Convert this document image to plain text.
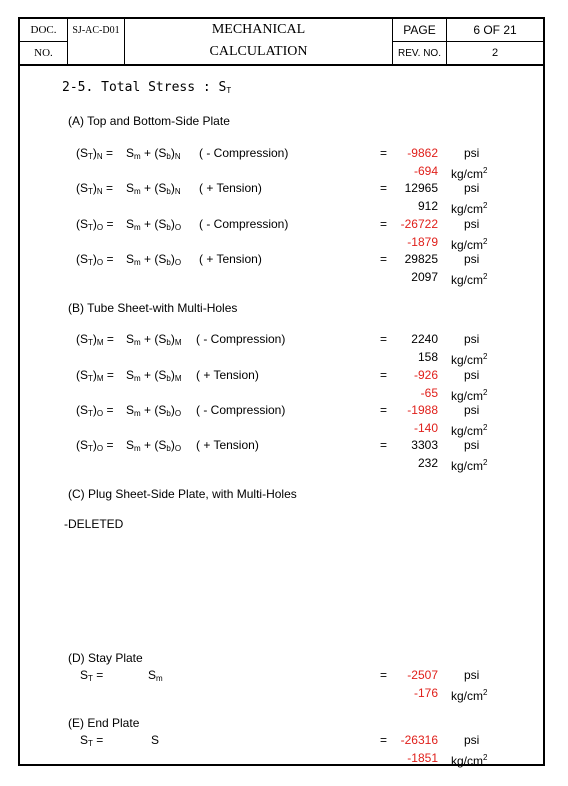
DOC.
NO.
SJ-AC-D01	MECHANICAL
CALCULATION
PAGE	6 OF 21
REV. NO.	2
2-5. Total Stress : $S_T$
(A) Top and Bottom-Side Plate
(B) Tube Sheet-with Multi-Holes
(C) Plug Sheet-Side Plate, with Multi-Holes
-DELETED
(D) Stay Plate
(E) End Plate
$(S_T)_N = S_m + (S_b)_N$ ( - Compression)	=	-9862 psi
-694 $kg/cm^2$
$(S_T)_N = S_m + (S_b)_N$ ( + Tension)	=	12965 psi
912 $kg/cm^2$
$(S_T)_O = S_m + (S_b)_O$ ( - Compression)	=	-26722 psi
-1879 $kg/cm^2$
$(S_T)_O = S_m + (S_b)_O$ ( + Tension)	=	29825 psi
2097 $kg/cm^2$
$(S_T)_M = S_m + (S_b)_M$ ( - Compression)	=	2240 psi
158 $kg/cm^2$
$(S_T)_M = S_m + (S_b)_M$ ( + Tension)	=	-926 psi
-65 $kg/cm^2$
$(S_T)_O = S_m + (S_b)_O$ ( - Compression)	=	-1988 psi
-140 $kg/cm^2$
$(S_T)_O = S_m + (S_b)_O$ ( + Tension)	=	3303 psi
232 $kg/cm^2$
$S_T$ =	$S_m$	=	-2507 psi
-176 $kg/cm^2$
$S_T$ =	S	=	-26316 psi
-1851 $kg/cm^2$
